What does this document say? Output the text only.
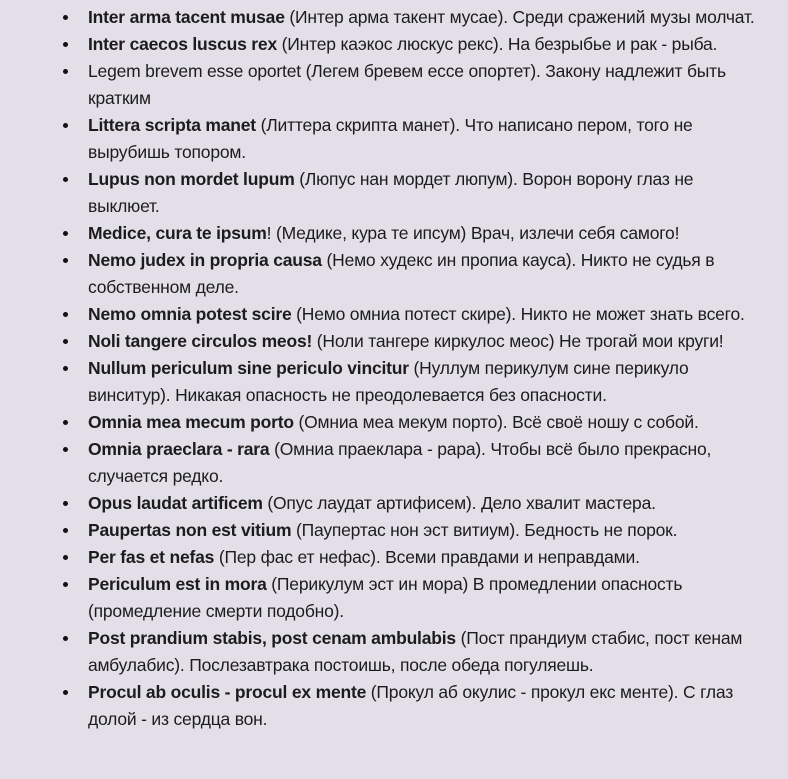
Inter arma tacent musae (Интер арма такент мусае). Среди сражений музы молчат.
Inter caecos luscus rex (Интер каэкос люскус рекс). На безрыбье и рак - рыба.
Legem brevem esse oportet (Легем бревем ессе опортет). Закону надлежит быть кратким
Littera scripta manet (Литтера скрипта манет). Что написано пером, того не вырубишь топором.
Lupus non mordet lupum (Люпус нан мордет люпум). Ворон ворону глаз не выклюет.
Medice, cura te ipsum! (Медике, кура те ипсум) Врач, излечи себя самого!
Nemo judex in propria causa (Немо худекс ин пропиа кауса). Никто не судья в собственном деле.
Nemo omnia potest scire (Немо омниа потест скире). Никто не может знать всего.
Noli tangere circulos meos! (Ноли тангере киркулос меос) Не трогай мои круги!
Nullum periculum sine periculo vincitur (Нуллум перикулум сине перикуло винситур). Никакая опасность не преодолевается без опасности.
Omnia mea mecum porto (Омниа меа мекум порто). Всё своё ношу с собой.
Omnia praeclara - rara (Омниа праеклара - рара). Чтобы всё было прекрасно, случается редко.
Opus laudat artificem (Опус лаудат артифисем). Дело хвалит мастера.
Paupertas non est vitium (Паупертас нон эст витиум). Бедность не порок.
Per fas et nefas (Пер фас ет нефас). Всеми правдами и неправдами.
Periculum est in mora (Перикулум эст ин мора) В промедлении опасность (промедление смерти подобно).
Post prandium stabis, post cenam ambulabis (Пост прандиум стабис, пост кенам амбулабис). Послезавтрака постоишь, после обеда погуляешь.
Procul ab oculis - procul ex mente (Прокул аб окулис - прокул екс менте). С глаз долой - из сердца вон.
